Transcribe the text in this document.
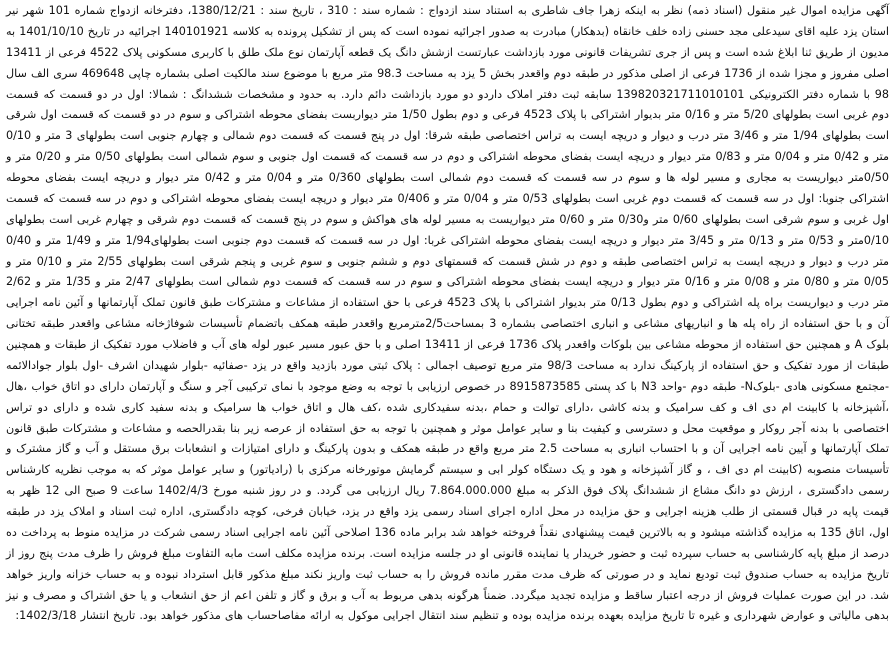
آگهی مزایده اموال غیر منقول (اسناد ذمه) نظر به اینکه زهرا جاف شاطری به استناد سند ازدواج : شماره سند : 310 ، تاریخ سند : 1380/12/21، دفترخانه ازدواج شماره 101 شهر نیر استان یزد علیه اقای سیدعلی مجد حسنی زاده خلف خانقاه (بدهکار) مبادرت به صدور اجرائیه نموده است که پس از تشکیل پرونده به کلاسه 140101921 اجرائیه در تاریخ 1401/10/10 به مدیون از طریق ثنا ابلاغ شده است و پس از جری تشریفات قانونی مورد بازداشت عبارتست ازشش دانگ یک قطعه آپارتمان نوع ملک طلق با کاربری مسکونی پلاک 4522 فرعی از 13411 اصلی مفروز و مجزا شده از 1736 فرعی از اصلی مذکور در طبقه دوم واقعدر بخش 5 یزد به مساحت 98.3 متر مربع با موضوع سند مالکیت اصلی بشماره چاپی 469648 سری الف سال 98 با شماره دفتر الکترونیکی 139820321711010101 سابقه ثبت دفتر املاک داردو دو مورد بازداشت دائم دارد. به حدود و مشخصات ششدانگ : شمالا: اول در دو قسمت که قسمت دوم غربی است بطولهای 5/20 متر و 0/16 متر بدیوار اشتراکی با پلاک 4523 فرعی و دوم بطول 1/50 متر دیواربست بفضای محوطه اشتراکی و سوم در دو قسمت که قسمت اول شرقی است بطولهای 1/94 متر و 3/46 متر درب و دیوار و دریچه ایست به تراس اختصاصی طبقه شرقا: اول در پنج قسمت که قسمت دوم شمالی و چهارم جنوبی است بطولهای 3 متر و 0/10 متر و 0/42 متر و 0/04 متر و 0/83 متر دیوار و دریچه ایست بفضای محوطه اشتراکی و دوم در سه قسمت که قسمت اول جنوبی و سوم شمالی است بطولهای 0/50 متر و 0/20 متر و 0/50متر دیواریست به مجاری و مسیر لوله ها و سوم در سه قسمت که قسمت دوم شمالی است بطولهای 0/360 متر و 0/04 متر و 0/42 متر دیوار و دریچه ایست بفضای محوطه اشتراکی جنوبا: اول در سه قسمت که قسمت دوم غربی است بطولهای 0/53 متر و 0/04 متر و 0/406 متر دیوار و دریچه ایست بفضای محوطه اشتراکی و دوم در سه قسمت که قسمت اول غربی و سوم شرقی است بطولهای 0/60 متر و0/30 متر و 0/60 متر دیواریست به مسیر لوله های هواکش و سوم در پنج قسمت که قسمت دوم شرقی و چهارم غربی است بطولهای 0/10متر و 0/53 متر و 0/13 متر و 3/45 متر دیوار و دریچه ایست بفضای محوطه اشتراکی غربا: اول در سه قسمت که قسمت دوم جنوبی است بطولهای1/94 متر و 1/49 متر و 0/40 متر درب و دیوار و دریچه ایست به تراس اختصاصی طبقه و دوم در شش قسمت که قسمتهای دوم و ششم جنوبی و سوم غربی و پنجم شرقی است بطولهای 2/55 متر و 0/10 متر و 0/05 متر و 0/80 متر و 0/08 متر و 0/16 متر دیوار و دریچه ایست بفضای محوطه اشتراکی و سوم در سه قسمت که قسمت دوم شمالی است بطولهای 2/47 متر و 1/35 متر و 2/62 متر درب و دیواریست براه پله اشتراکی و دوم بطول 0/13 متر بدیوار اشتراکی با پلاک 4523 فرعی با حق استفاده از مشاعات و مشترکات طبق قانون تملک آپارتمانها و آئین نامه اجرایی آن و با حق استفاده از راه پله ها و انباریهای مشاعی و انباری اختصاصی بشماره 3 بمساحت2/5مترمربع واقعدر طبقه همکف باتضمام تأسیسات شوفاژخانه مشاعی واقعدر طبقه تختانی بلوک A و همچنین حق استفاده از محوطه مشاعی بین بلوکات واقعدر پلاک 1736 فرعی از 13411 اصلی و با حق عبور مسیر عبور لوله های آب و فاضلاب مورد تفکیک از طبقات و همچنین طبقات از مورد تفکیک و حق استفاده از پارکینگ ندارد به مساحت 98/3 متر مربع توصیف اجمالی : پلاک ثبتی مورد بازدید واقع در یزد -صفائیه -بلوار شهیدان اشرف -اول بلوار جوادالائمه -مجتمع مسکونی هادی -بلوکN- طبقه دوم -واحد N3 با کد پستی 8915873585 در خصوص ارزیابی با توجه به وضع موجود با نمای ترکیبی آجر و سنگ و آپارتمان دارای دو اتاق خواب ،هال ،آشپزخانه با کابینت ام دی اف و کف سرامیک و بدنه کاشی ،دارای توالت و حمام ،بدنه سفیدکاری شده ،کف هال و اتاق خواب ها سرامیک و بدنه سفید کاری شده و دارای دو تراس اختصاصی با بدنه آجر روکار و موقعیت محل و دسترسی و کیفیت بنا و سایر عوامل موثر و همچنین با توجه به حق استفاده از عرصه زیر بنا بقدرالحصه و مشاعات و مشترکات طبق قانون تملک آپارتمانها و آیین نامه اجرایی آن و با احتساب انباری به مساحت 2.5 متر مربع واقع در طبقه همکف و بدون پارکینگ و دارای امتیازات و انشعابات برق مستقل و آب و گاز مشترک و تأسیسات منصوبه (کابینت ام دی اف ، و گاز آشپزخانه و هود و یک دستگاه کولر ابی و سیستم گرمایش موتورخانه مرکزی با (رادیاتور) و سایر عوامل موثر که به موجب نظریه کارشناس رسمی دادگستری ، ارزش دو دانگ مشاع از ششدانگ پلاک فوق الذکر به مبلغ 7.864.000.000 ریال ارزیابی می گردد. و در روز شنبه مورخ 1402/4/3 ساعت 9 صبح الی 12 ظهر به قیمت پایه در قبال قسمتی از طلب هزینه اجرایی و حق مزایده در محل اداره اجرای اسناد رسمی یزد واقع در یزد، خیابان فرخی، کوچه دادگستری، اداره ثبت اسناد و املاک یزد در طبقه اول، اتاق 135 به مزایده گذاشته میشود و به بالاترین قیمت پیشنهادی نقداً فروخته خواهد شد برابر ماده 136 اصلاحی آئین نامه اجرایی اسناد رسمی شرکت در مزایده منوط به پرداخت ده درصد از مبلغ پایه کارشناسی به حساب سپرده ثبت و حضور خریدار یا نماینده قانونی او در جلسه مزایده است. برنده مزایده مکلف است مابه التفاوت مبلغ فروش را ظرف مدت پنج روز از تاریخ مزایده به حساب صندوق ثبت تودیع نماید و در صورتی که ظرف مدت مقرر مانده فروش را به حساب ثبت واریز نکند مبلغ مذکور قابل استرداد نبوده و به حساب خزانه واریز خواهد شد. در این صورت عملیات فروش از درجه اعتبار ساقط و مزایده تجدید میگردد. ضمناً هرگونه بدهی مربوط به آب و برق و گاز و تلفن اعم از حق انشعاب و یا حق اشتراک و مصرف و نیز بدهی مالیاتی و عوارض شهرداری و غیره تا تاریخ مزایده بعهده برنده مزایده بوده و تنظیم سند انتقال اجرایی موکول به ارائه مفاصاحساب های مذکور خواهد بود. تاریخ انتشار 1402/3/18:
